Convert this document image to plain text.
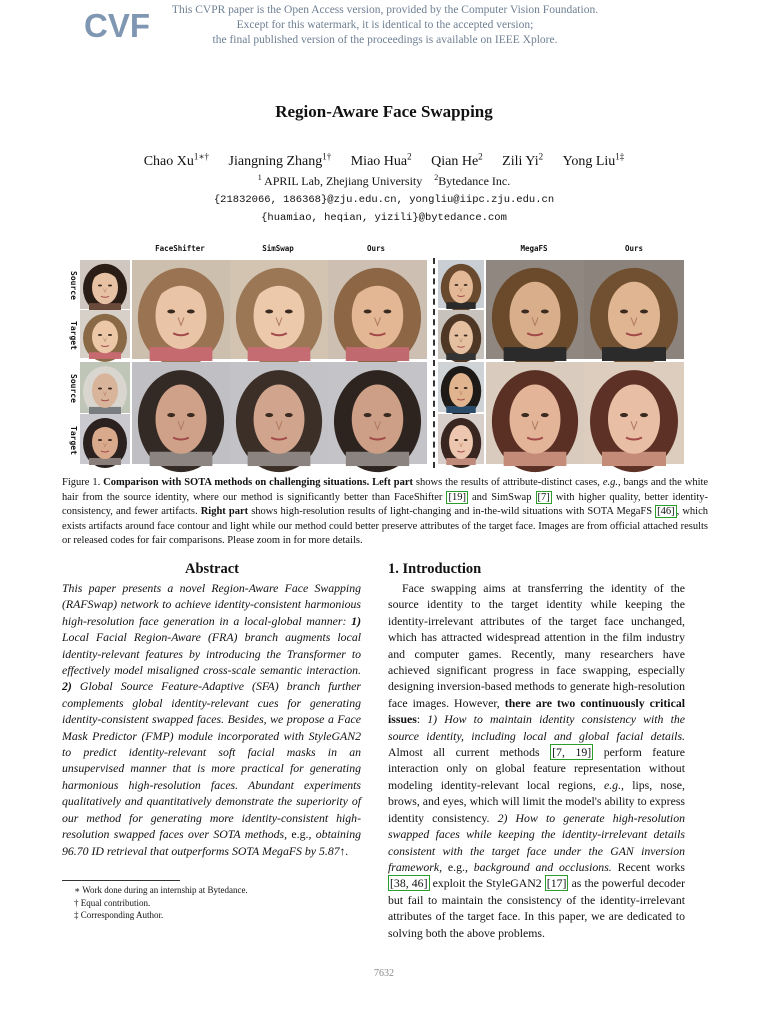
CVF	This CVPR paper is the Open Access version, provided by the Computer Vision Foundation.
Except for this watermark, it is identical to the accepted version;
the final published version of the proceedings is available on IEEE Xplore.
Region-Aware Face Swapping
Chao $Xu^{1∗\dagger}$ Jiangning Zhang$^{1\dagger}$ Miao Hua$^2$ Qian He$^2$ Zili Yi$^2$ Yong Liu$^{1\ddagger}$
$^1$ APRIL Lab, Zhejiang University $^2$Bytedance Inc.
{21832066, 186368}@zju.edu.cn, yongliu@iipc.zju.edu.cn
{huamiao, heqian, yizili}@bytedance.com
FaceShifter	SimSwap	Ours	MegaFS	Ours
Source
Target
Source
Target
Figure 1. Comparison with SOTA methods on challenging situations. Left part shows the results of attribute-distinct cases, e.g., bangs and the white hair from the source identity, where our method is significantly better than FaceShifter [19] and SimSwap [7] with higher quality, better identity-consistency, and fewer artifacts. Right part shows high-resolution results of light-changing and in-the-wild situations with SOTA MegaFS [46] , which exists artifacts around face contour and light while our method could better preserve attributes of the target face. Images are from official attached results or released codes for fair comparisons. Please zoom in for more details.
Abstract
This paper presents a novel Region-Aware Face Swapping (RAFSwap) network to achieve identity-consistent harmonious high-resolution face generation in a local-global manner: 1) Local Facial Region-Aware (FRA) branch augments local identity-relevant features by introducing the Transformer to effectively model misaligned cross-scale semantic interaction. 2) Global Source Feature-Adaptive (SFA) branch further complements global identity-relevant cues for generating identity-consistent swapped faces. Besides, we propose a Face Mask Predictor (FMP) module incorporated with StyleGAN2 to predict identity-relevant soft facial masks in an unsupervised manner that is more practical for generating harmonious high-resolution faces. Abundant experiments qualitatively and quantitatively demonstrate the superiority of our method for generating more identity-consistent high-resolution swapped faces over SOTA methods, e.g., obtaining 96.70 ID retrieval that outperforms SOTA MegaFS by 5.87↑.
∗ Work done during an internship at Bytedance.
† Equal contribution.
‡ Corresponding Author.
1. Introduction
Face swapping aims at transferring the identity of the source identity to the target identity while keeping the identity-irrelevant attributes of the target face unchanged, which has attracted widespread attention in the film industry and computer games. Recently, many researchers have achieved significant progress in face swapping, especially designing inversion-based methods to generate high-resolution face images. However, there are two continuously critical issues: 1) How to maintain identity consistency with the source identity, including local and global facial details. Almost all current methods [7, 19] perform feature interaction only on global feature representation without modeling identity-relevant local regions, e.g., lips, nose, brows, and eyes, which will limit the model's ability to express identity consistency. 2) How to generate high-resolution swapped faces while keeping the identity-irrelevant details consistent with the target face under the GAN inversion framework, e.g., background and occlusions. Recent works [38, 46] exploit the StyleGAN2 [17] as the powerful decoder but fail to maintain the consistency of the identity-irrelevant attributes of the target face. In this paper, we are dedicated to solving both the above problems.
7632
